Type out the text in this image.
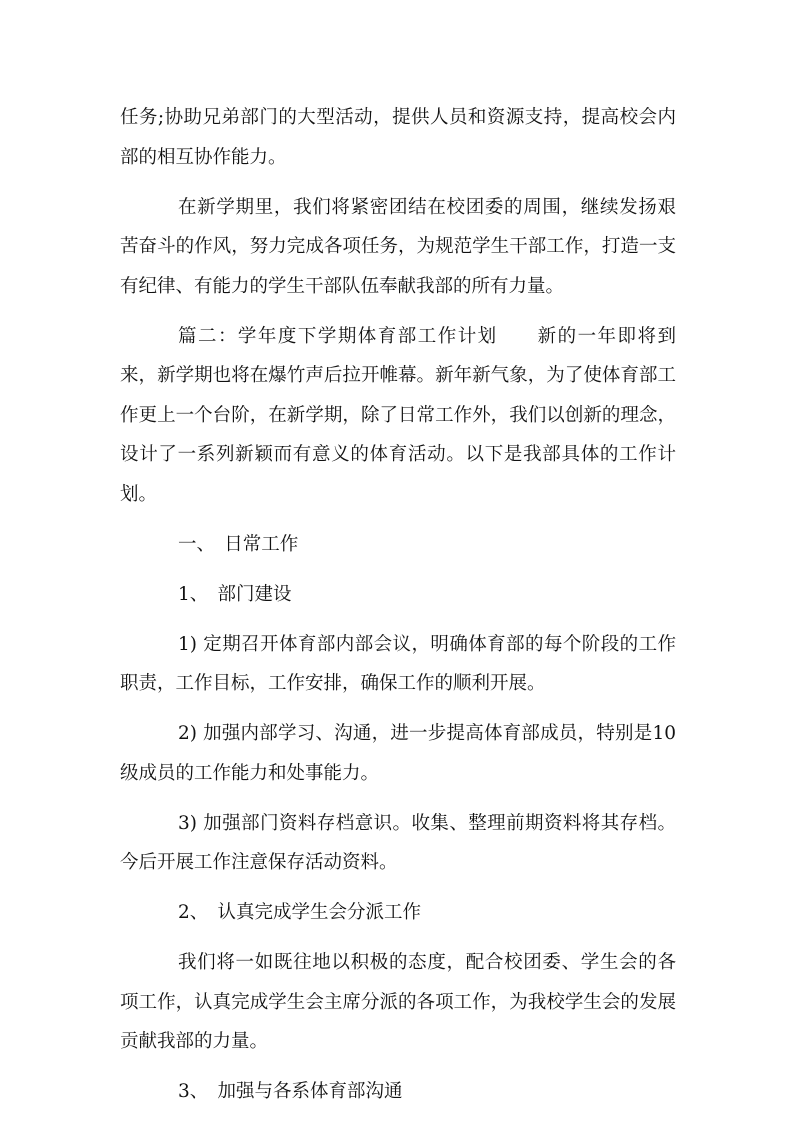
任务;协助兄弟部门的大型活动，提供人员和资源支持，提高校会内部的相互协作能力。

在新学期里，我们将紧密团结在校团委的周围，继续发扬艰苦奋斗的作风，努力完成各项任务，为规范学生干部工作，打造一支有纪律、有能力的学生干部队伍奉献我部的所有力量。

篇二：学年度下学期体育部工作计划　　新的一年即将到来，新学期也将在爆竹声后拉开帷幕。新年新气象，为了使体育部工作更上一个台阶，在新学期，除了日常工作外，我们以创新的理念，设计了一系列新颖而有意义的体育活动。以下是我部具体的工作计划。

一、　日常工作

1、　部门建设

1) 定期召开体育部内部会议，明确体育部的每个阶段的工作职责，工作目标，工作安排，确保工作的顺利开展。

2) 加强内部学习、沟通，进一步提高体育部成员，特别是10级成员的工作能力和处事能力。

3) 加强部门资料存档意识。收集、整理前期资料将其存档。今后开展工作注意保存活动资料。

2、　认真完成学生会分派工作

我们将一如既往地以积极的态度，配合校团委、学生会的各项工作，认真完成学生会主席分派的各项工作，为我校学生会的发展贡献我部的力量。

3、　加强与各系体育部沟通
